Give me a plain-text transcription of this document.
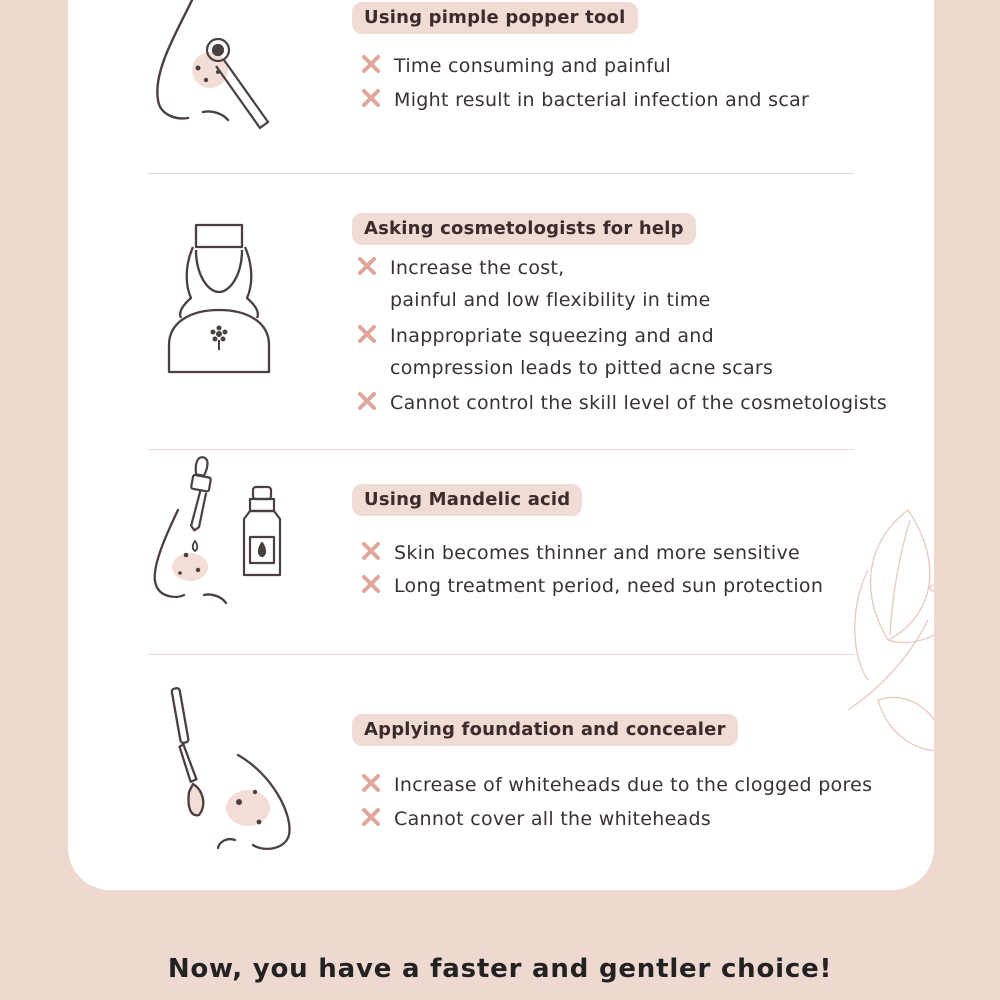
Using pimple popper tool
Time consuming and painful
Might result in bacterial infection and scar
Asking cosmetologists for help
Increase the cost,
painful and low flexibility in time
Inappropriate squeezing and and
compression leads to pitted acne scars
Cannot control the skill level of the cosmetologists
Using Mandelic acid
Skin becomes thinner and more sensitive
Long treatment period, need sun protection
Applying foundation and concealer
Increase of whiteheads due to the clogged pores
Cannot cover all the whiteheads
Now, you have a faster and gentler choice!
